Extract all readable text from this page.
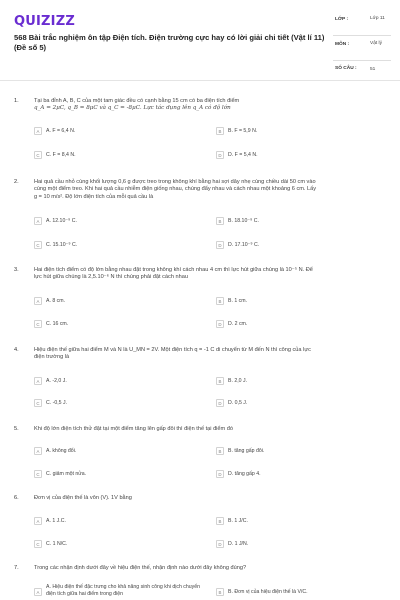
QUIZIZZ
568 Bài trắc nghiệm ôn tập Điện tích. Điện trường cực hay có lời giải chi tiết (Vật lí 11) (Đề số 5)
LỚP :	Lớp 11
MÔN :	Vật lý
SỐ CÂU :	51
1.	Tại ba đỉnh A, B, C của một tam giác đều có cạnh bằng 15 cm có ba điện tích điểm
q_A = 2μC, q_B = 8μC và q_C = -8μC. Lực tác dụng lên q_A có độ lớn
A	A. F = 6,4 N.	B	B. F = 5,9 N.
C	C. F = 8,4 N.	D	D. F = 5,4 N.
2.	Hai quả cầu nhỏ cùng khối lượng 0,6 g được treo trong không khí bằng hai sợi dây nhẹ cùng chiều dài 50 cm vào
cùng một điểm treo. Khi hai quả cầu nhiễm điện giống nhau, chúng đẩy nhau và cách nhau một khoảng 6 cm. Lấy
g = 10 m/s². Độ lớn điện tích của mỗi quả cầu là
A	A. 12.10⁻⁹ C.	B	B. 18.10⁻⁹ C.
C	C. 15.10⁻⁹ C.	D	D. 17.10⁻⁹ C.
3.	Hai điện tích điểm có độ lớn bằng nhau đặt trong không khí cách nhau 4 cm thì lực hút giữa chúng là 10⁻⁵ N. Để
lực hút giữa chúng là 2,5.10⁻⁶ N thì chúng phải đặt cách nhau
A	A. 8 cm.	B	B. 1 cm.
C	C. 16 cm.	D	D. 2 cm.
4.	Hiệu điện thế giữa hai điểm M và N là U_MN = 2V. Một điện tích q = -1 C di chuyển từ M đến N thì công của lực
điện trường là
A	A. -2,0 J.	B	B. 2,0 J.
C	C. -0,5 J.	D	D. 0,5 J.
5.	Khi độ lớn điện tích thử đặt tại một điểm tăng lên gấp đôi thì điện thế tại điểm đó
A	A. không đổi.	B	B. tăng gấp đôi.
C	C. giảm một nửa.	D	D. tăng gấp 4.
6.	Đơn vị của điện thế là vôn (V). 1V bằng
A	A. 1 J.C.	B	B. 1 J/C.
C	C. 1 N/C.	D	D. 1 J/N.
7.	Trong các nhận định dưới đây về hiệu điện thế, nhận định nào dưới đây không đúng?
A
A. Hiệu điện thế đặc trưng cho khả năng sinh công khi dịch chuyển điện tích giữa hai điểm trong điện	B	B. Đơn vị của hiệu điện thế là V/C.
